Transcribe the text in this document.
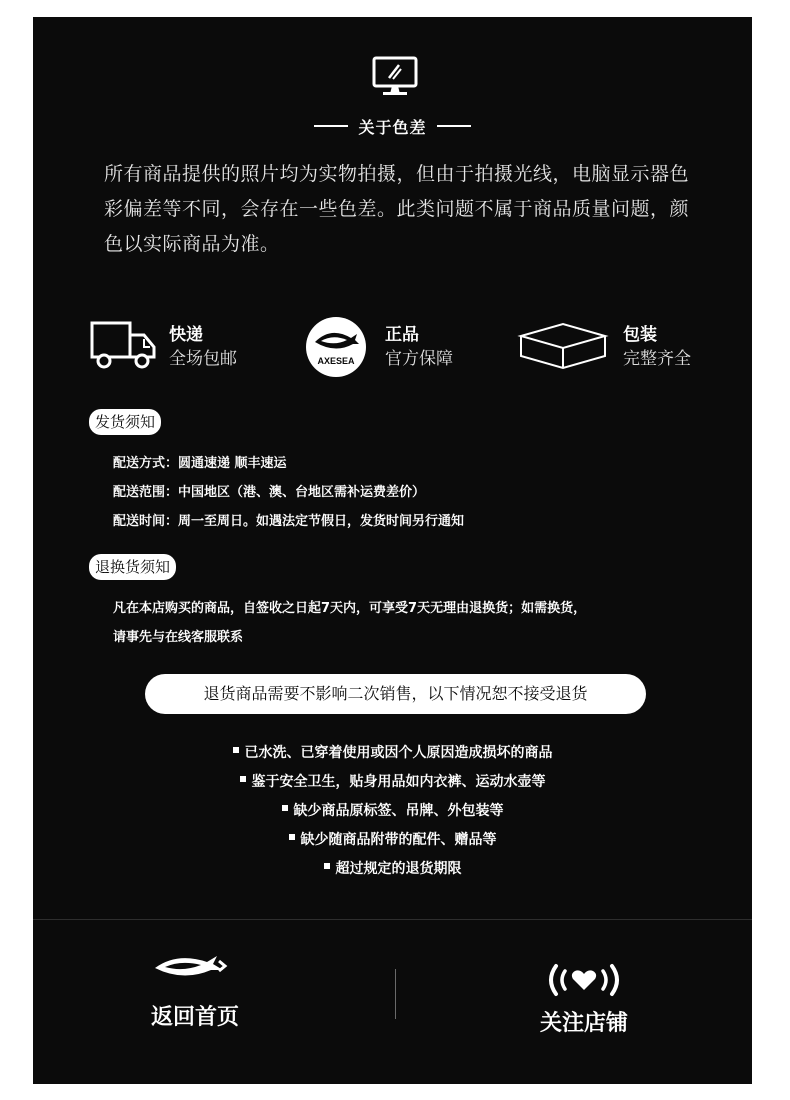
关于色差
所有商品提供的照片均为实物拍摄，但由于拍摄光线，电脑显示器色彩偏差等不同，会存在一些色差。此类问题不属于商品质量问题，颜色以实际商品为准。
快递
全场包邮	AXESEA
正品
官方保障
包装
完整齐全
发货须知
配送方式：圆通速递 顺丰速运
配送范围：中国地区（港、澳、台地区需补运费差价）
配送时间：周一至周日。如遇法定节假日，发货时间另行通知
退换货须知
凡在本店购买的商品，自签收之日起7天内，可享受7天无理由退换货；如需换货，
请事先与在线客服联系
退货商品需要不影响二次销售，以下情况恕不接受退货
已水洗、已穿着使用或因个人原因造成损坏的商品
鉴于安全卫生，贴身用品如内衣裤、运动水壶等
缺少商品原标签、吊牌、外包装等
缺少随商品附带的配件、赠品等
超过规定的退货期限
返回首页	关注店铺
